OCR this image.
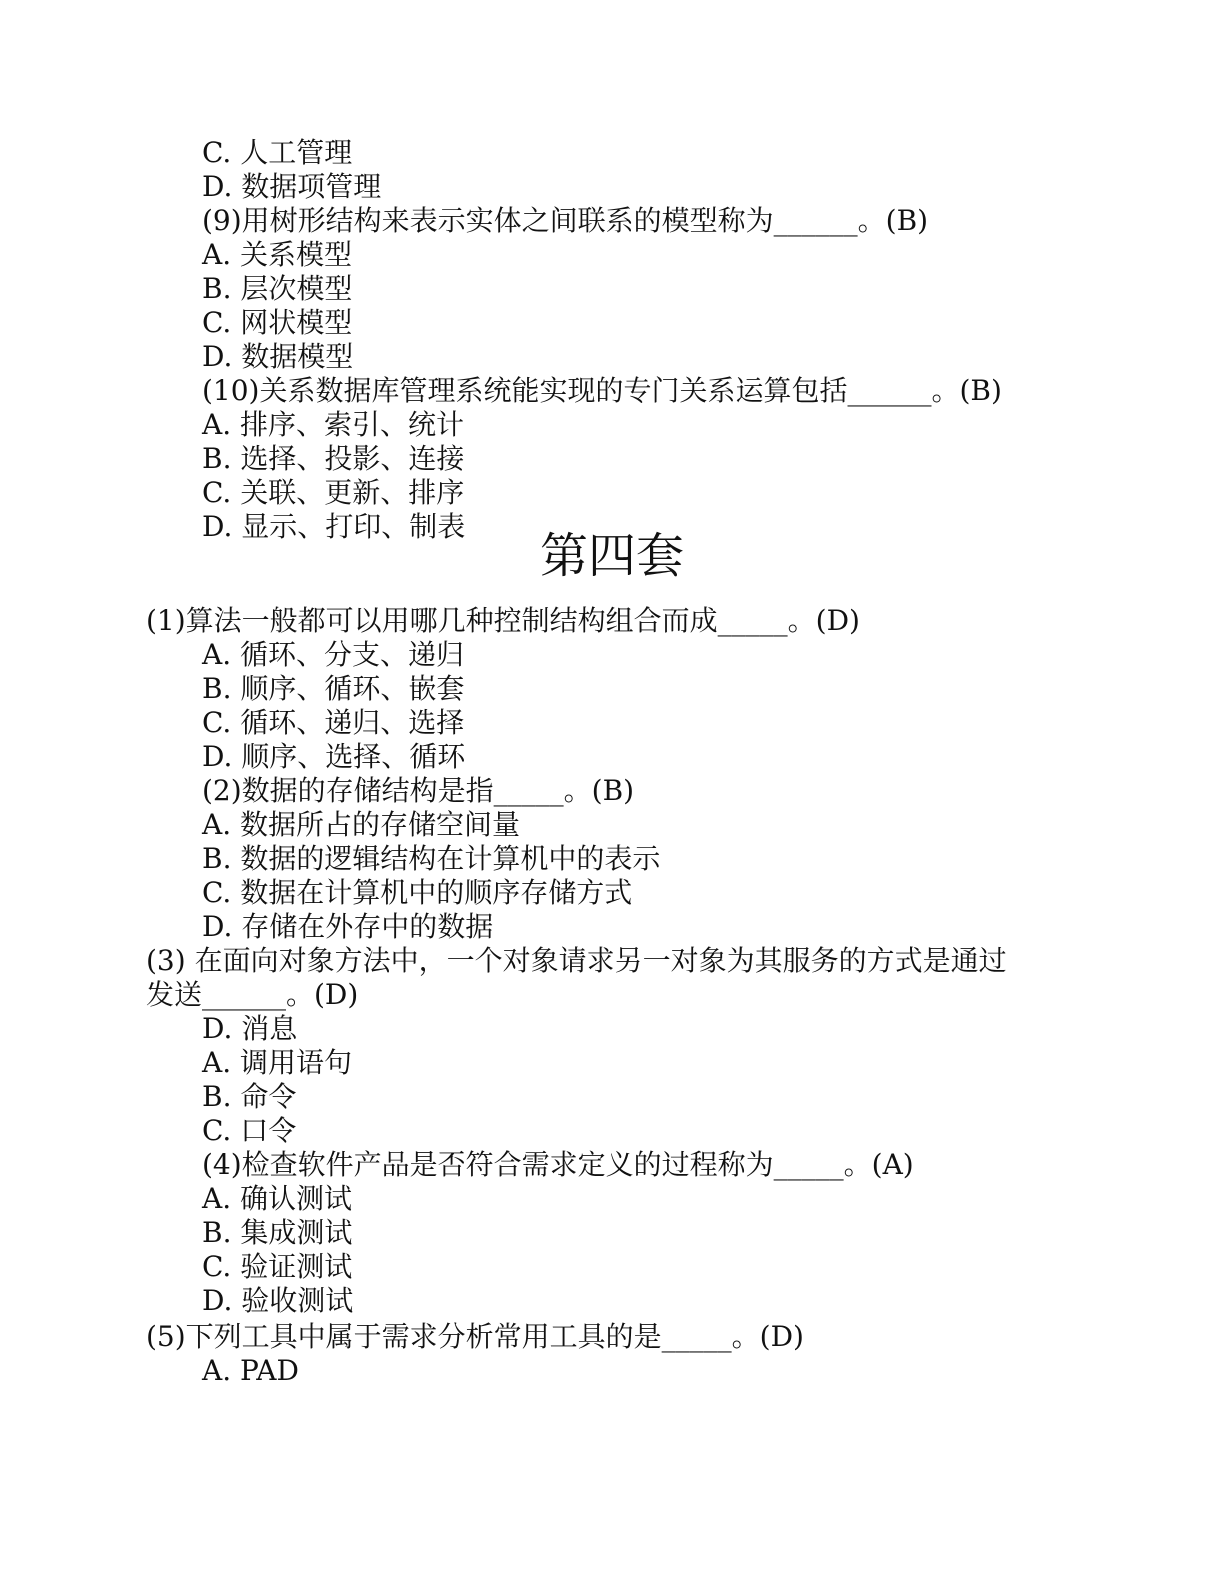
C. 人工管理
D. 数据项管理
(9)用树形结构来表示实体之间联系的模型称为______。(B)
A. 关系模型
B. 层次模型
C. 网状模型
D. 数据模型
(10)关系数据库管理系统能实现的专门关系运算包括______。(B)
A. 排序、索引、统计
B. 选择、投影、连接
C. 关联、更新、排序
D. 显示、打印、制表
第四套
(1)算法一般都可以用哪几种控制结构组合而成_____。(D)
A. 循环、分支、递归
B. 顺序、循环、嵌套
C. 循环、递归、选择
D. 顺序、选择、循环
(2)数据的存储结构是指_____。(B)
A. 数据所占的存储空间量
B. 数据的逻辑结构在计算机中的表示
C. 数据在计算机中的顺序存储方式
D. 存储在外存中的数据
(3) 在面向对象方法中，一个对象请求另一对象为其服务的方式是通过
发送______。(D)
D. 消息
A. 调用语句
B. 命令
C. 口令
(4)检查软件产品是否符合需求定义的过程称为_____。(A)
A. 确认测试
B. 集成测试
C. 验证测试
D. 验收测试
(5)下列工具中属于需求分析常用工具的是_____。(D)
A. PAD
